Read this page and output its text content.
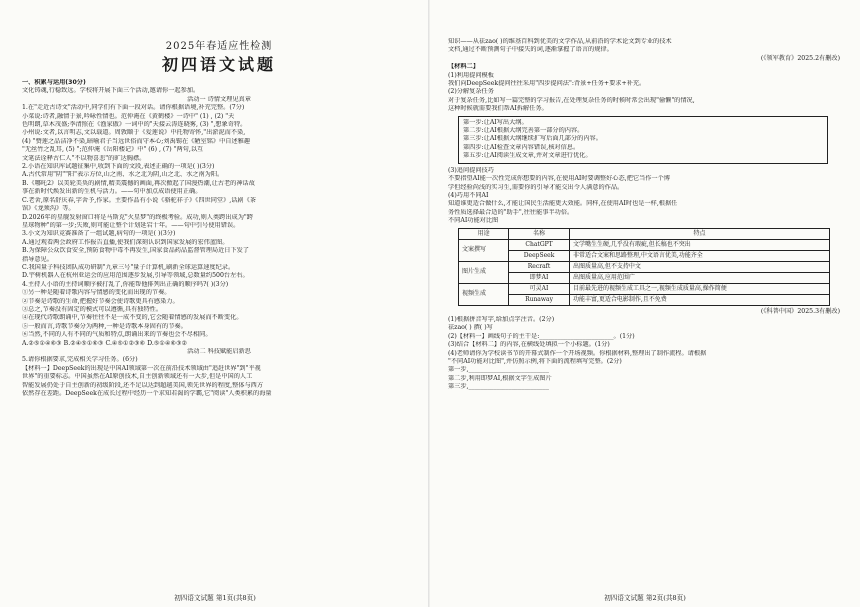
2025年春适应性检测
初四语文试题
一、积累与运用(30分)
文化铸魂,行稳致远。学校将开展下面三个活动,邀请你一起参加。
活动一 诗情文理见真章
1.在"走近古诗文"活动中,同学们有下面一段对话。请你根据语境,补充完整。(7分)
小菜说:诗者,融情于景,吟咏性情也。范仲淹在《黄鹤楼》一诗中" (1) , (2) "天
色明朗,草木茂盛;李清照在《渔家傲》一词中的"天接云涛连晓雾, (3) ",想象奇特。
小州说:文者,以言明志,文以载道。周敦颐于《爱莲说》中托物寄怀,"出淤泥而不染,
(4) "赞莲之品洁净不染,暗喻君子当远世俗而守本心;刘禹锡在《陋室铭》中自述雅趣
"无丝竹之乱耳, (5) ";范仲淹《岳阳楼记》中" (6) , (7) "两句,以互
文笔法诠释古仁人"不以物喜悲"的旷达胸襟。
2.小语在知识库试题征集中,收到下面的文段,表述正确的一项是( )(3分)
A.古代常用"阴""阳"表示方位,山之南、水之北为阴,山之北、水之南为阳。
B.《哪吒2》以美轮美奂的剧情,精美震撼的画面,再次掀起了国漫热潮,让古老的神话故
事在新时代焕发出新的生机与活力。——句中加点成语使用正确。
C.老舍,原名舒庆春,字舍予,作家。主要作品有小说《骆驼祥子》《四世同堂》,话剧《茶
馆》《龙须沟》等。
D.2026年的星舰发射窗口将是马斯克"火星梦"的终极考验。成功,则人类跨出成为"跨
星球物种"的第一步;失败,则可能让整个计划延宕十年。——句中引号使用错误。
3.小文为知识竞赛准备了一组试题,病句的一项是( )(3分)
A.通过观看两会政府工作报告直播,使我们深刻认识到国家发展的宏伟蓝图。
B.为保障公众饮食安全,预防食物中毒不再发生,国家食品药品监督管理局近日下发了
指导意见。
C.我国量子科技团队成功研制"九章三号"量子计算机,刷新全球运算速度纪录。
D.宇树机器人在杭州亚运会的应用范围逐步发展,引导等领域,总数量约500台左右。
4.主持人小语的主持词顺序被打乱了,你能帮他排列出正确的顺序吗?( )(3分)
①另一种是随着诗歌内容与情感的变化而出现的节奏。
②节奏是诗歌的生命,把握好节奏会使诗歌更具有感染力。
③总之,节奏没有固定的模式可以遵循,具有独特性。
④在现代诗歌朗诵中,节奏往往不是一成不变的,它会随着情感的发展而不断变化。
⑤一般而言,诗歌节奏分为两种,一种是诗歌本身固有的节奏。
⑥当然,不同的人有不同的气质和特点,朗诵出来的节奏也会不尽相同。
A.②⑤①④⑥③ B.②④⑤①⑥③ C.④⑤①②③⑥ D.⑤①④⑥③②
活动二 科技赋能启新思
5.请你根据要求,完成相关学习任务。(6分)
【材料一】DeepSeek的出现是中国AI领域第一次在前沿技术领域由"追赶世界"到"平视
世界"的重要标志。中国虽然在AI原创技术,自主创新领域还有一大步,但是中国的人工
智能发展仍处于自主创新的初级阶段,还不足以达到超越美国,领先世界的程度,整体与西方
依然存在差距。DeepSeek在成长过程中经历一个求知若渴的学霸,它"阅读"人类积累的海量
初四语文试题 第1页(共8页)
知识——从祛zao( )的维基百科到优美的文学作品,从前沿的学术论文到专业的技术
文档,通过不断预测句子中接失的词,逐渐掌握了语言的规律。
(《领军教育》2025.2有删改)
【材料二】
(1)利用提问模板
我们向DeepSeek提问往往采用"四步提问法":背景+任务+要求+补充。
(2)分解复杂任务
对于复杂任务,比如写一篇完整的学习报告,在处理复杂任务的时候时常会出现"偷懒"的情况,
这种时候就需要我们帮AI拆解任务。
第一步:让AI写出大纲。
第二步:让AI根据大纲完善第一部分的内容。
第三步:让AI根据大纲继续扩写后面几部分的内容。
第四步:让AI检查文章内容错误,核对信息。
第五步:让AI阅读生成文章,并对文章进行优化。
(3)追问提问技巧
不要指望AI能一次性完成你想要的内容,在使用AI时要调整好心态,把它当作一个博
学但经验尚浅的实习生,需要你的引导才能交出令人满意的作品。
(4)巧用不同AI
知道谁更适合做什么,才能让国民生活能更大效能。同样,在使用AI时也是一样,根据任
务性质选择最合适的"助手",往往能事半功倍。
不同AI功能对比图
用途	名称	特点
文案撰写	ChatGPT	文学嘴生生硬,几乎没有瑕疵,但长稿也不突出
	DeepSeek	非常适合文案和思路整理,中文语言优美,功能齐全
图片生成	Recraft	出图质量高,但不支持中文
	即梦AI	出图质量高,应用范围广
视频生成	可灵AI	目前最先进的视频生成工具之一,视频生成质量高,操作简便
	Runaway	功能丰富,更适合电影制作,且不免费
(《科普中国》2025.3有删改)
(1)根据拼音写字,给加点字注音。(2分)
祛zao( ) 撰( )写
(2)【材料一】画线句子的主干是:________________________。(1分)
(3)结合【材料二】的内容,在横线处填拟一个小标题。(1分)
(4)老师请你为学校读书节的开幕式制作一个开场视频。你根据材料,整理出了制作流程。请根据
"不同AI功能对比图",并仿照示例,将下面的流程填写完整。(2分)
第一步,__________________________
第二步,利用即梦AI,根据文字生成图片
第三步,__________________________
初四语文试题 第2页(共8页)
